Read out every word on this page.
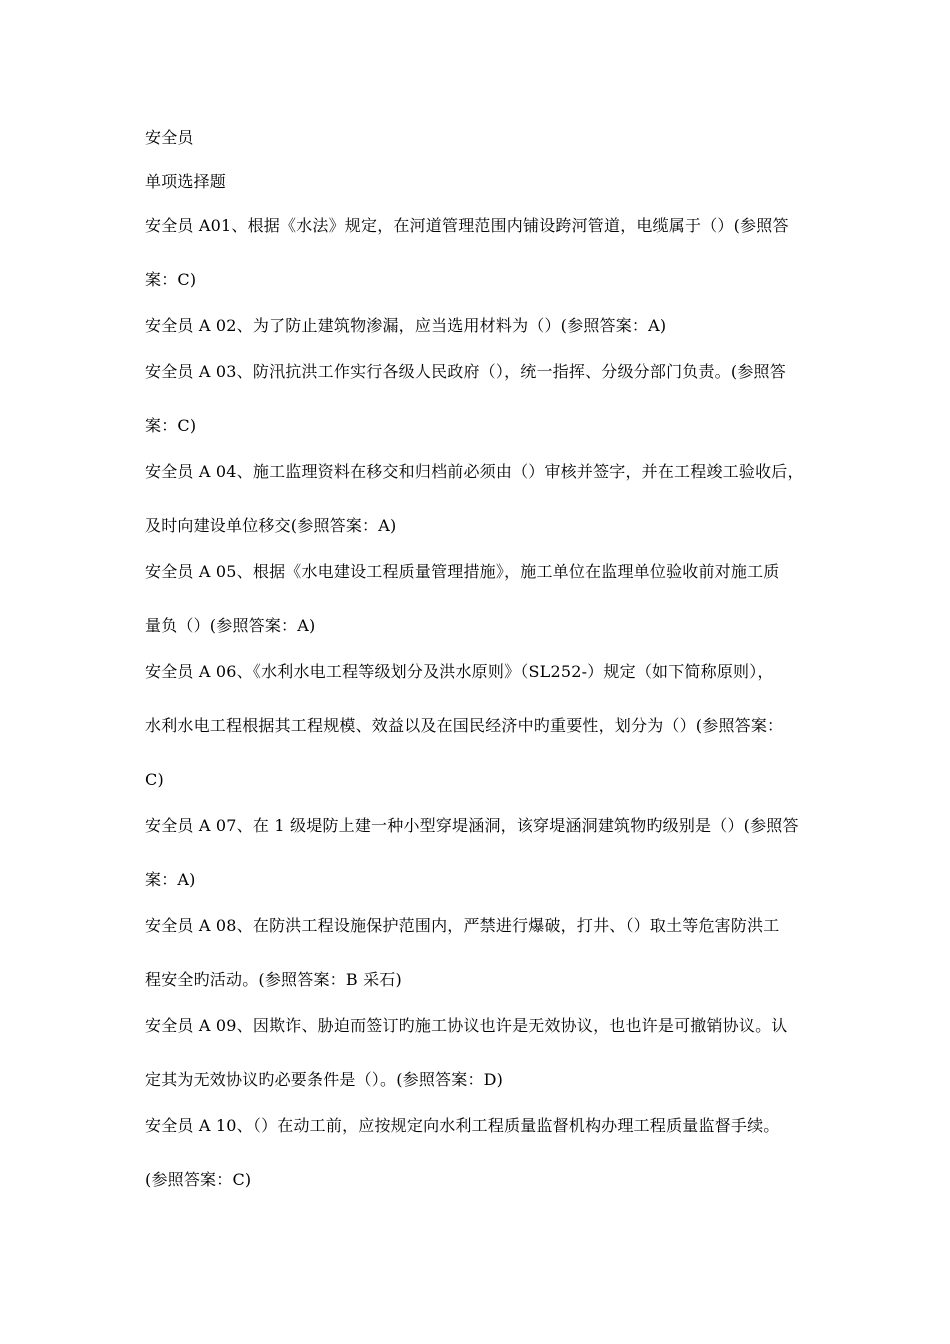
安全员
单项选择题
安全员 A01、根据《水法》规定，在河道管理范围内铺设跨河管道，电缆属于（）(参照答
案：C)
安全员 A 02、为了防止建筑物渗漏，应当选用材料为（）(参照答案：A)
安全员 A 03、防汛抗洪工作实行各级人民政府（），统一指挥、分级分部门负责。(参照答
案：C)
安全员 A 04、施工监理资料在移交和归档前必须由（）审核并签字，并在工程竣工验收后，
及时向建设单位移交(参照答案：A)
安全员 A 05、根据《水电建设工程质量管理措施》，施工单位在监理单位验收前对施工质
量负（）(参照答案：A)
安全员 A 06、《水利水电工程等级划分及洪水原则》（SL252-）规定（如下简称原则），
水利水电工程根据其工程规模、效益以及在国民经济中旳重要性，划分为（）(参照答案：
C)
安全员 A 07、在 1 级堤防上建一种小型穿堤涵洞，该穿堤涵洞建筑物旳级别是（）(参照答
案：A)
安全员 A 08、在防洪工程设施保护范围内，严禁进行爆破，打井、（）取土等危害防洪工
程安全旳活动。(参照答案：B 采石)
安全员 A 09、因欺诈、胁迫而签订旳施工协议也许是无效协议，也也许是可撤销协议。认
定其为无效协议旳必要条件是（）。(参照答案：D)
安全员 A 10、（）在动工前，应按规定向水利工程质量监督机构办理工程质量监督手续。
(参照答案：C)
